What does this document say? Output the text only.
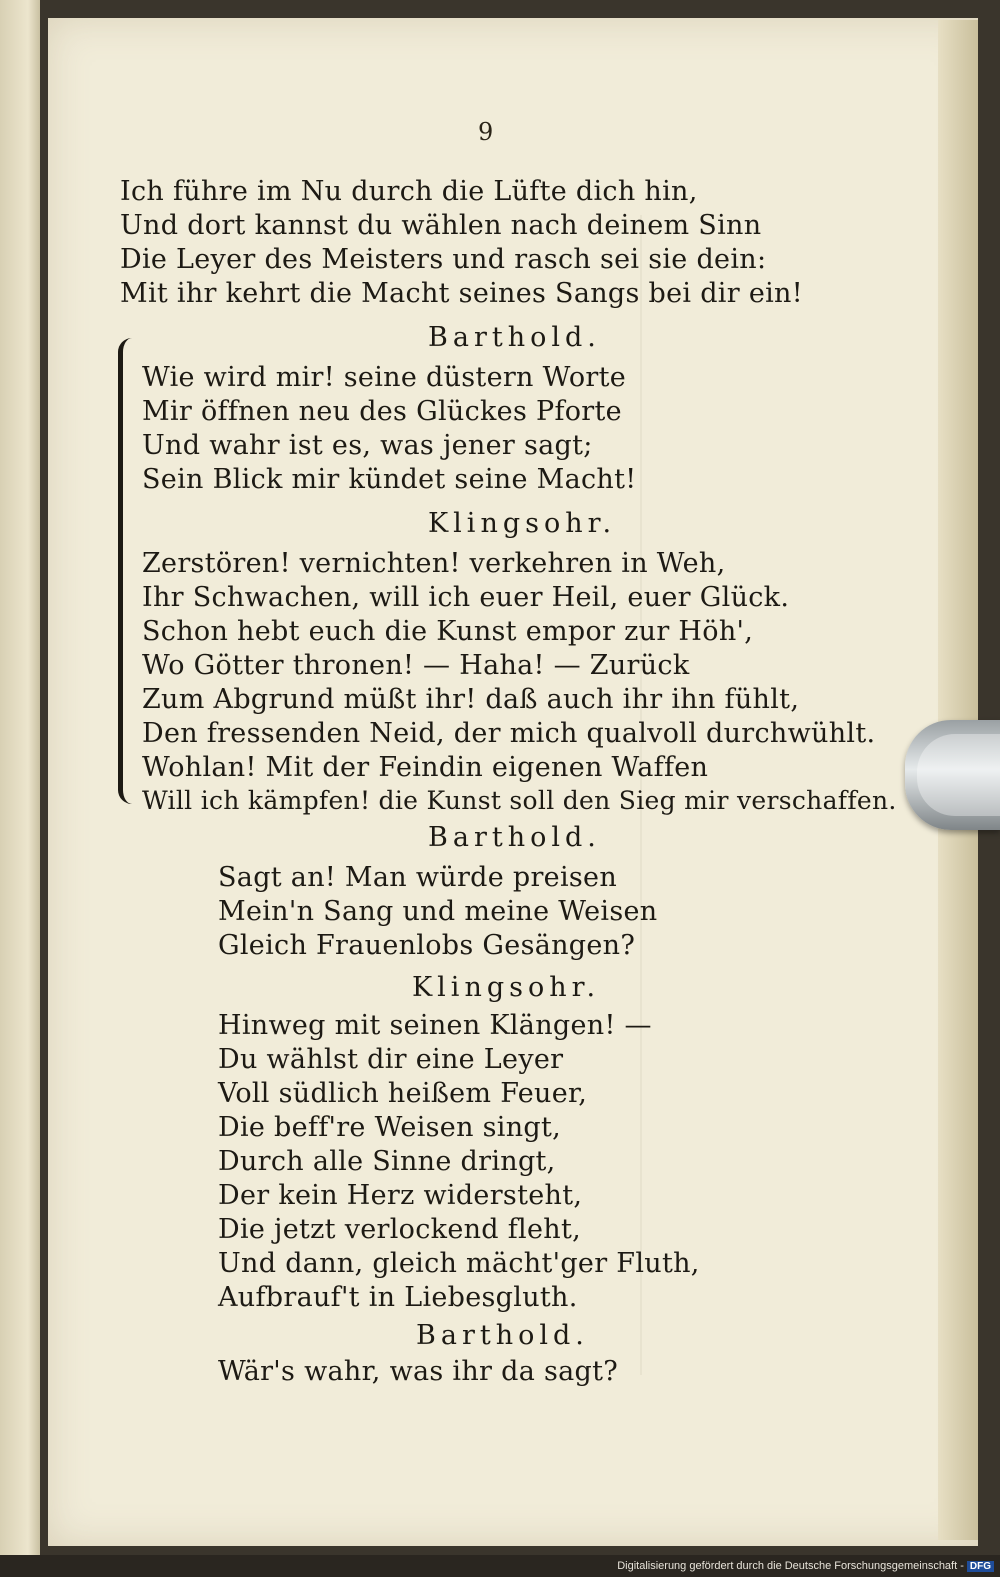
9
Ich führe im Nu durch die Lüfte dich hin,
Und dort kannst du wählen nach deinem Sinn
Die Leyer des Meisters und rasch sei sie dein:
Mit ihr kehrt die Macht seines Sangs bei dir ein!
Barthold.
Wie wird mir! seine düstern Worte
Mir öffnen neu des Glückes Pforte
Und wahr ist es, was jener sagt;
Sein Blick mir kündet seine Macht!
Klingsohr.
Zerstören! vernichten! verkehren in Weh,
Ihr Schwachen, will ich euer Heil, euer Glück.
Schon hebt euch die Kunst empor zur Höh',
Wo Götter thronen! — Haha! — Zurück
Zum Abgrund müßt ihr! daß auch ihr ihn fühlt,
Den fressenden Neid, der mich qualvoll durchwühlt.
Wohlan! Mit der Feindin eigenen Waffen
Will ich kämpfen! die Kunst soll den Sieg mir verschaffen.
Barthold.
Sagt an! Man würde preisen
Mein'n Sang und meine Weisen
Gleich Frauenlobs Gesängen?
Klingsohr.
Hinweg mit seinen Klängen! —
Du wählst dir eine Leyer
Voll südlich heißem Feuer,
Die beff're Weisen singt,
Durch alle Sinne dringt,
Der kein Herz widersteht,
Die jetzt verlockend fleht,
Und dann, gleich mächt'ger Fluth,
Aufbrauf't in Liebesgluth.
Barthold.
Wär's wahr, was ihr da sagt?
Digitalisierung gefördert durch die Deutsche Forschungsgemeinschaft - DFG
